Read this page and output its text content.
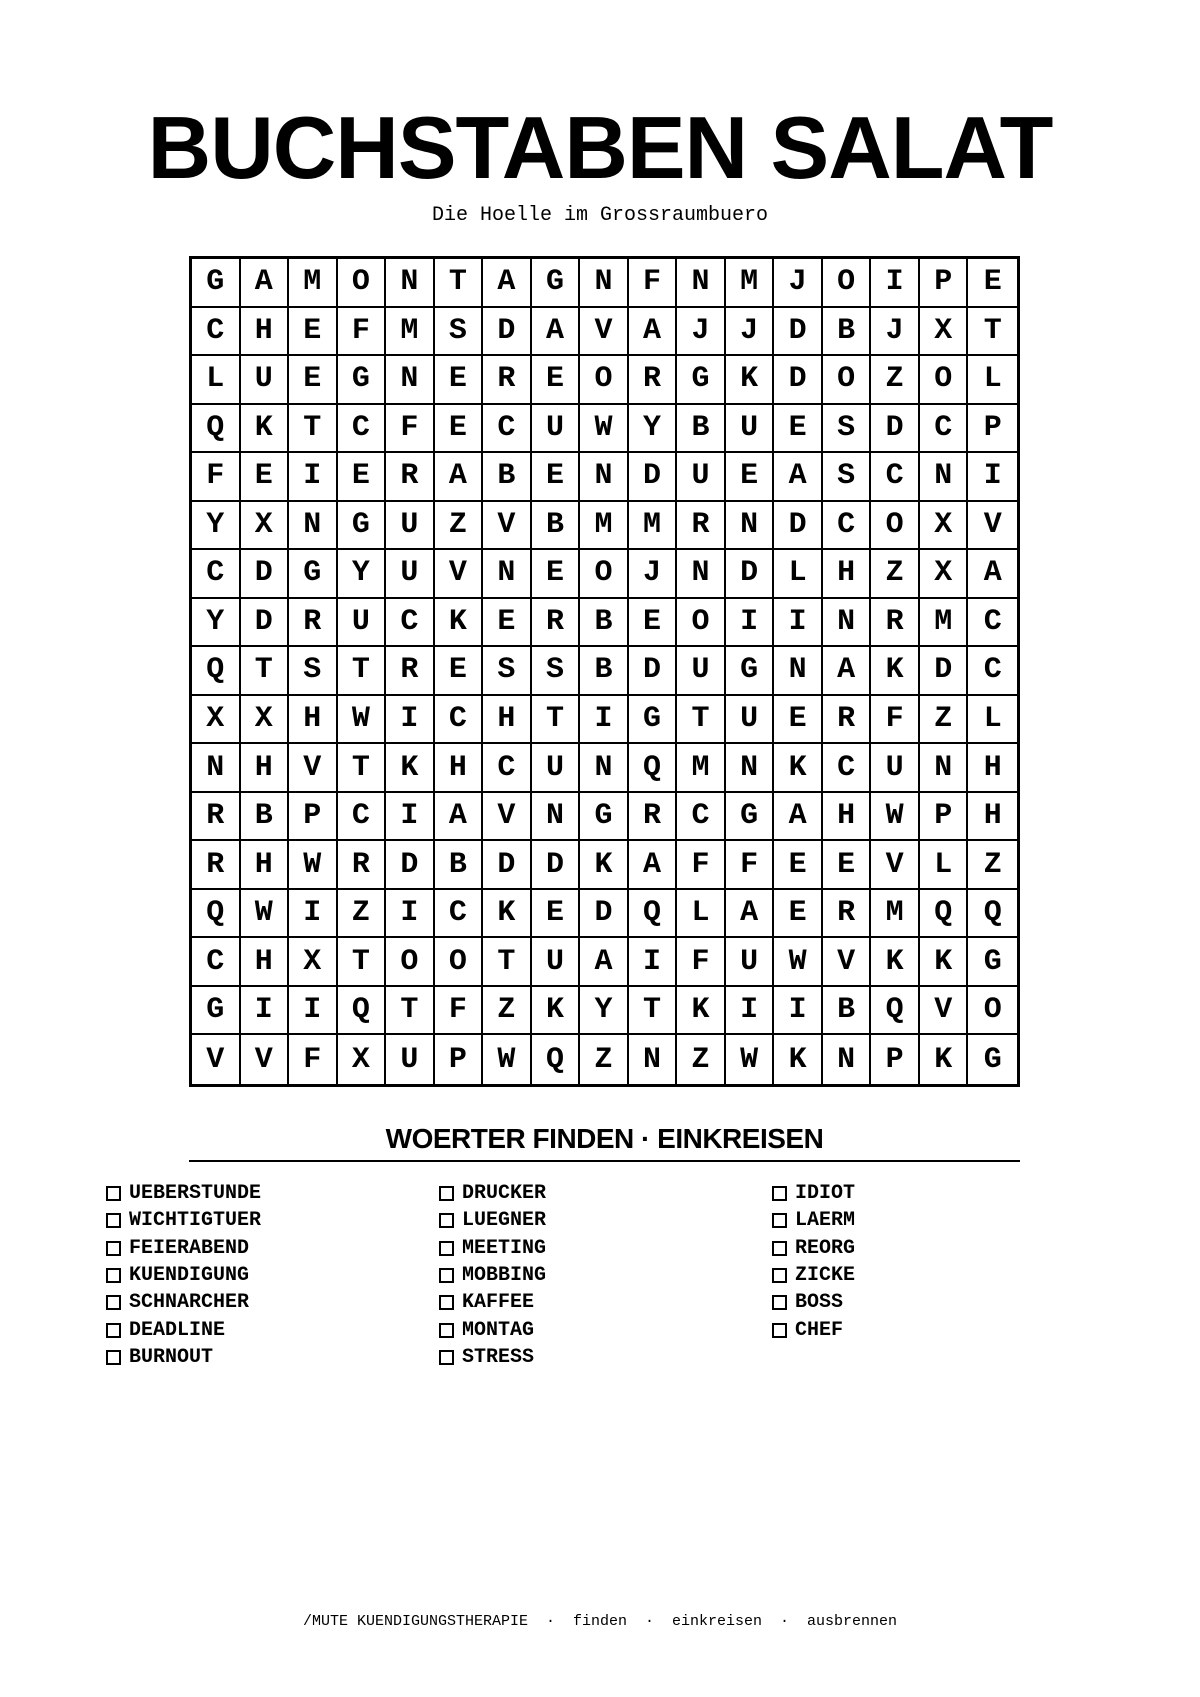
BUCHSTABEN SALAT
Die Hoelle im Grossraumbuero
G	A	M	O	N	T	A	G	N	F	N	M	J	O	I	P	E
C	H	E	F	M	S	D	A	V	A	J	J	D	B	J	X	T
L	U	E	G	N	E	R	E	O	R	G	K	D	O	Z	O	L
Q	K	T	C	F	E	C	U	W	Y	B	U	E	S	D	C	P
F	E	I	E	R	A	B	E	N	D	U	E	A	S	C	N	I
Y	X	N	G	U	Z	V	B	M	M	R	N	D	C	O	X	V
C	D	G	Y	U	V	N	E	O	J	N	D	L	H	Z	X	A
Y	D	R	U	C	K	E	R	B	E	O	I	I	N	R	M	C
Q	T	S	T	R	E	S	S	B	D	U	G	N	A	K	D	C
X	X	H	W	I	C	H	T	I	G	T	U	E	R	F	Z	L
N	H	V	T	K	H	C	U	N	Q	M	N	K	C	U	N	H
R	B	P	C	I	A	V	N	G	R	C	G	A	H	W	P	H
R	H	W	R	D	B	D	D	K	A	F	F	E	E	V	L	Z
Q	W	I	Z	I	C	K	E	D	Q	L	A	E	R	M	Q	Q
C	H	X	T	O	O	T	U	A	I	F	U	W	V	K	K	G
G	I	I	Q	T	F	Z	K	Y	T	K	I	I	B	Q	V	O
V	V	F	X	U	P	W	Q	Z	N	Z	W	K	N	P	K	G
WOERTER FINDEN · EINKREISEN
UEBERSTUNDE
WICHTIGTUER
FEIERABEND
KUENDIGUNG
SCHNARCHER
DEADLINE
BURNOUT
DRUCKER
LUEGNER
MEETING
MOBBING
KAFFEE
MONTAG
STRESS
IDIOT
LAERM
REORG
ZICKE
BOSS
CHEF
/MUTE KUENDIGUNGSTHERAPIE  ·  finden  ·  einkreisen  ·  ausbrennen
